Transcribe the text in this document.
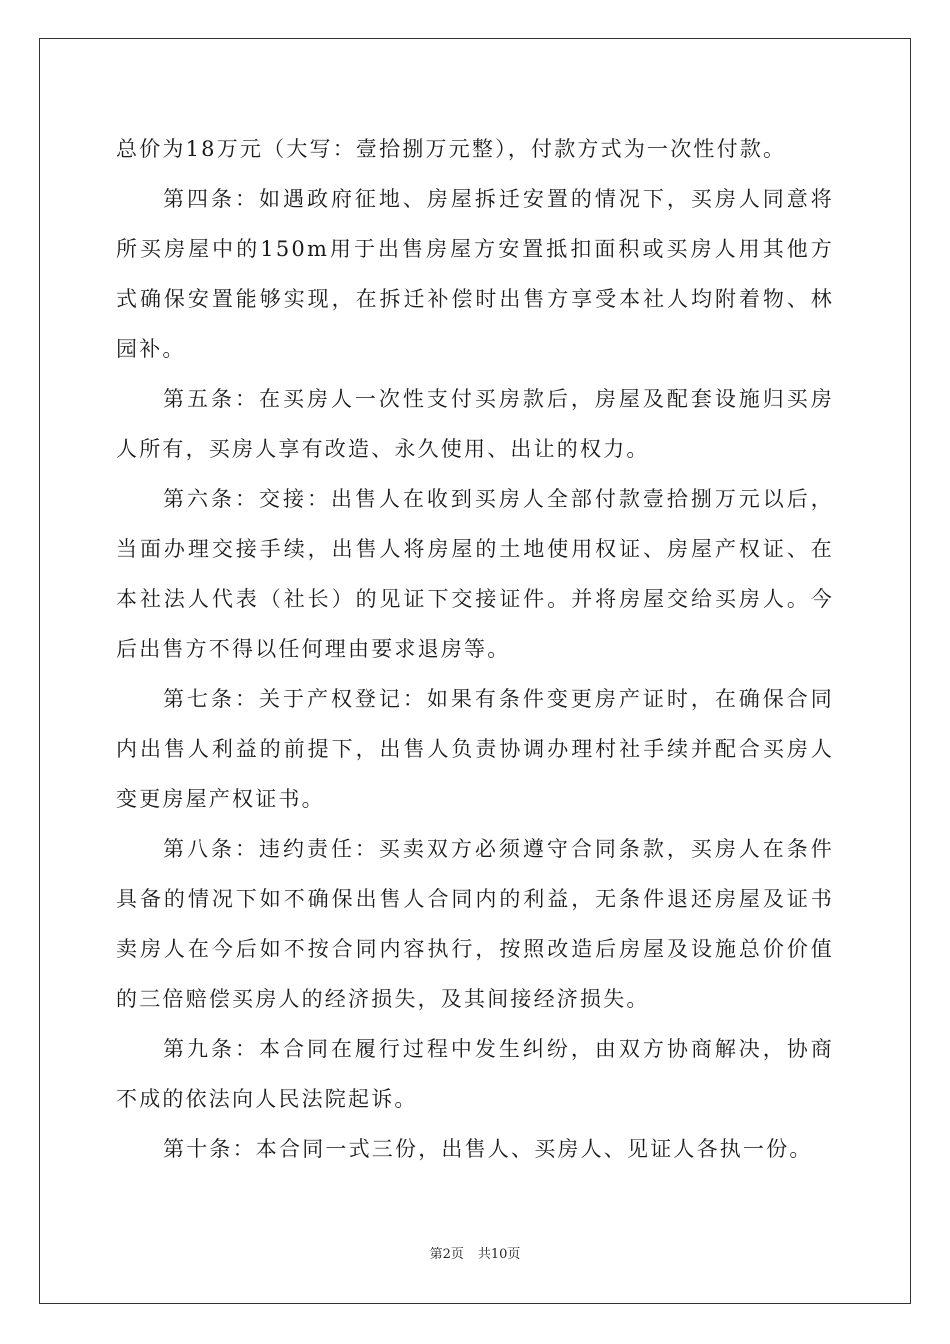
总价为18万元（大写：壹拾捌万元整），付款方式为一次性付款。

第四条：如遇政府征地、房屋拆迁安置的情况下，买房人同意将所买房屋中的150m用于出售房屋方安置抵扣面积或买房人用其他方式确保安置能够实现，在拆迁补偿时出售方享受本社人均附着物、林园补。

第五条：在买房人一次性支付买房款后，房屋及配套设施归买房人所有，买房人享有改造、永久使用、出让的权力。

第六条：交接：出售人在收到买房人全部付款壹拾捌万元以后，当面办理交接手续，出售人将房屋的土地使用权证、房屋产权证、在本社法人代表（社长）的见证下交接证件。并将房屋交给买房人。今后出售方不得以任何理由要求退房等。

第七条：关于产权登记：如果有条件变更房产证时，在确保合同内出售人利益的前提下，出售人负责协调办理村社手续并配合买房人变更房屋产权证书。

第八条：违约责任：买卖双方必须遵守合同条款，买房人在条件具备的情况下如不确保出售人合同内的利益，无条件退还房屋及证书卖房人在今后如不按合同内容执行，按照改造后房屋及设施总价价值的三倍赔偿买房人的经济损失，及其间接经济损失。

第九条：本合同在履行过程中发生纠纷，由双方协商解决，协商不成的依法向人民法院起诉。

第十条：本合同一式三份，出售人、买房人、见证人各执一份。

第2页 共10页
